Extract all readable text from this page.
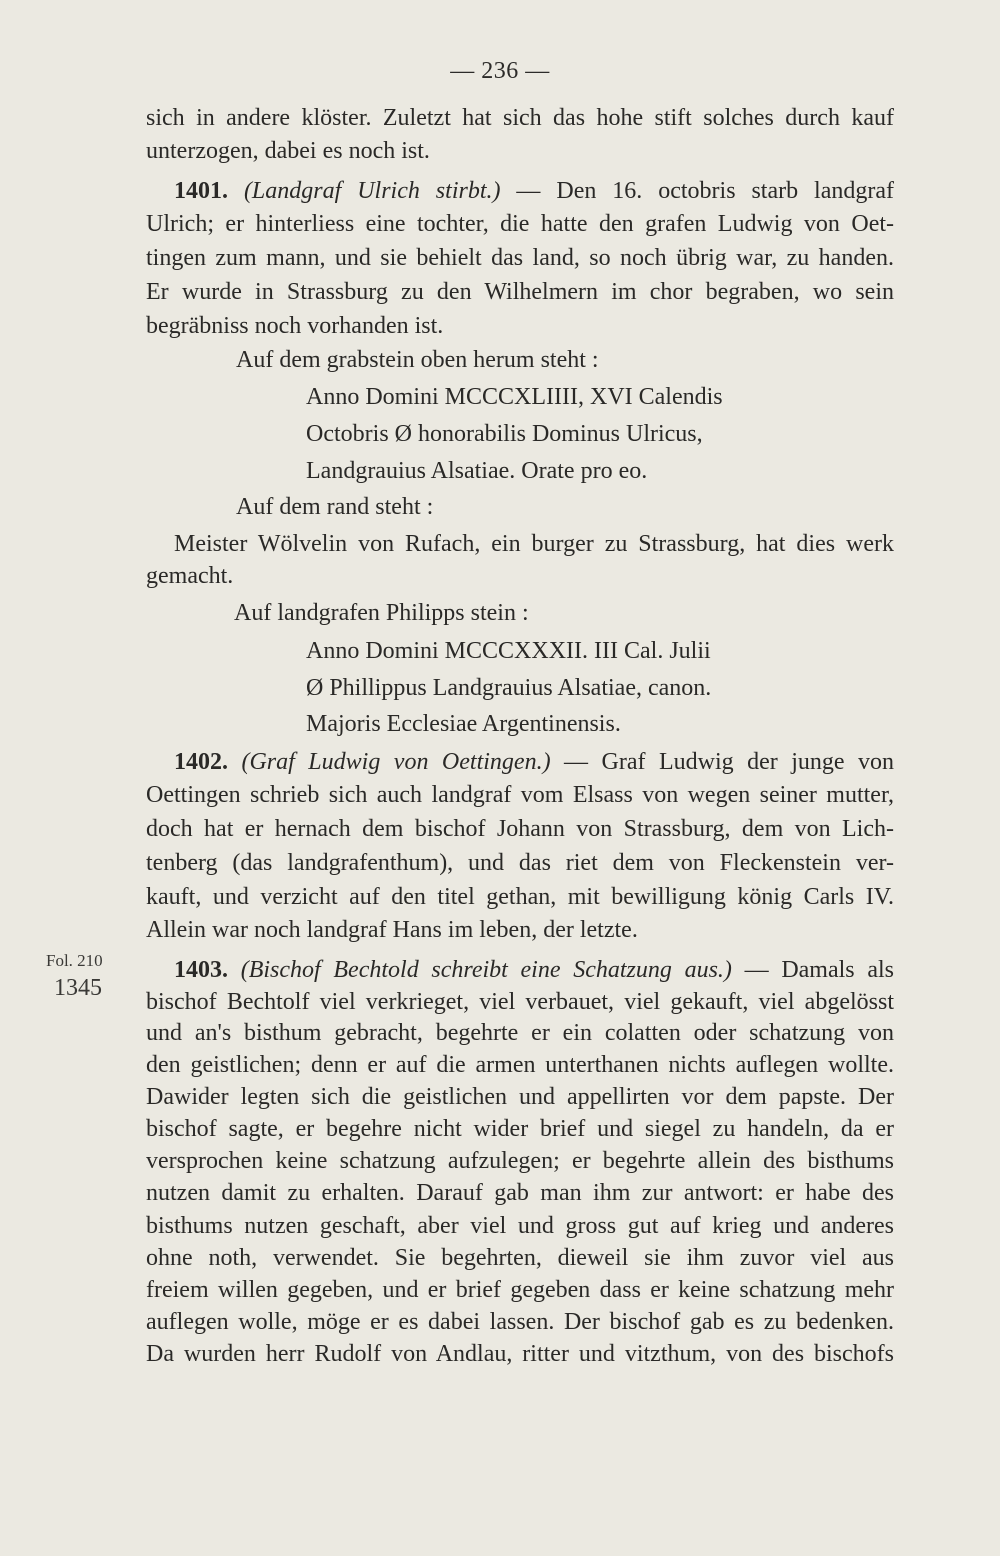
— 236 —
sich in andere klöster. Zuletzt hat sich das hohe stift solches durch kauf
unterzogen, dabei es noch ist.
1401. (Landgraf Ulrich stirbt.) — Den 16. octobris starb landgraf
Ulrich; er hinterliess eine tochter, die hatte den grafen Ludwig von Oet-
tingen zum mann, und sie behielt das land, so noch übrig war, zu handen.
Er wurde in Strassburg zu den Wilhelmern im chor begraben, wo sein
begräbniss noch vorhanden ist.
Auf dem grabstein oben herum steht :
Anno Domini MCCCXLIIII, XVI Calendis
Octobris Ø honorabilis Dominus Ulricus,
Landgrauius Alsatiae. Orate pro eo.
Auf dem rand steht :
Meister Wölvelin von Rufach, ein burger zu Strassburg, hat dies werk
gemacht.
Auf landgrafen Philipps stein :
Anno Domini MCCCXXXII. III Cal. Julii
Ø Phillippus Landgrauius Alsatiae, canon.
Majoris Ecclesiae Argentinensis.
1402. (Graf Ludwig von Oettingen.) — Graf Ludwig der junge von
Oettingen schrieb sich auch landgraf vom Elsass von wegen seiner mutter,
doch hat er hernach dem bischof Johann von Strassburg, dem von Lich-
tenberg (das landgrafenthum), und das riet dem von Fleckenstein ver-
kauft, und verzicht auf den titel gethan, mit bewilligung könig Carls IV.
Allein war noch landgraf Hans im leben, der letzte.
Fol. 210
1345
1403. (Bischof Bechtold schreibt eine Schatzung aus.) — Damals als
bischof Bechtolf viel verkrieget, viel verbauet, viel gekauft, viel abgelösst
und an's bisthum gebracht, begehrte er ein colatten oder schatzung von
den geistlichen; denn er auf die armen unterthanen nichts auflegen wollte.
Dawider legten sich die geistlichen und appellirten vor dem papste. Der
bischof sagte, er begehre nicht wider brief und siegel zu handeln, da er
versprochen keine schatzung aufzulegen; er begehrte allein des bisthums
nutzen damit zu erhalten. Darauf gab man ihm zur antwort: er habe des
bisthums nutzen geschaft, aber viel und gross gut auf krieg und anderes
ohne noth, verwendet. Sie begehrten, dieweil sie ihm zuvor viel aus
freiem willen gegeben, und er brief gegeben dass er keine schatzung mehr
auflegen wolle, möge er es dabei lassen. Der bischof gab es zu bedenken.
Da wurden herr Rudolf von Andlau, ritter und vitzthum, von des bischofs
